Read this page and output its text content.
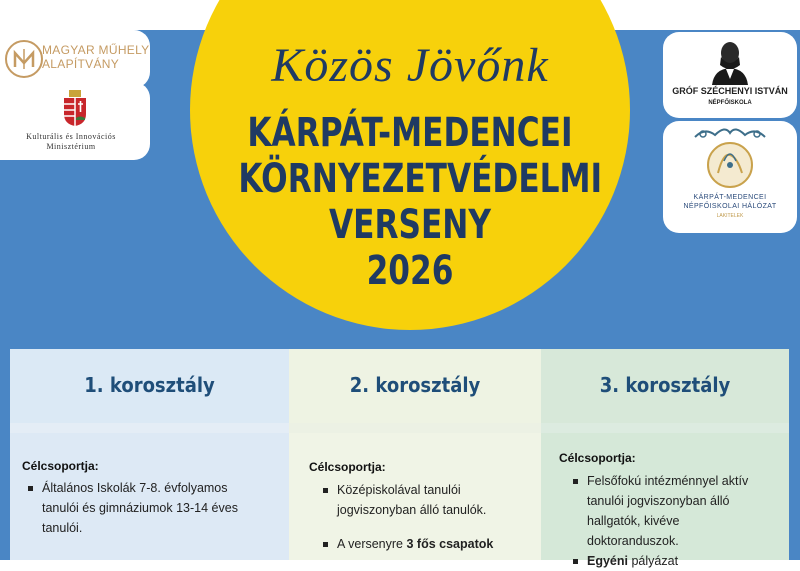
Közös Jövőnk
KÁRPÁT-MEDENCEI
KÖRNYEZETVÉDELMI
VERSENY
2026
MAGYAR MŰHELY
ALAPÍTVÁNY
Kulturális és Innovációs
Minisztérium
GRÓF SZÉCHENYI ISTVÁN
NÉPFŐISKOLA
KÁRPÁT-MEDENCEI
NÉPFŐISKOLAI HÁLÓZAT
LAKITELEK
1. korosztály
Célcsoportja:
Általános Iskolák 7-8. évfolyamos tanulói és gimnáziumok 13-14 éves tanulói.
2. korosztály
Célcsoportja:
Középiskolával tanulói jogviszonyban álló tanulók.
A versenyre 3 fős csapatok
3. korosztály
Célcsoportja:
Felsőfokú intézménnyel aktív tanulói jogviszonyban álló hallgatók, kivéve doktoranduszok.
Egyéni pályázat
